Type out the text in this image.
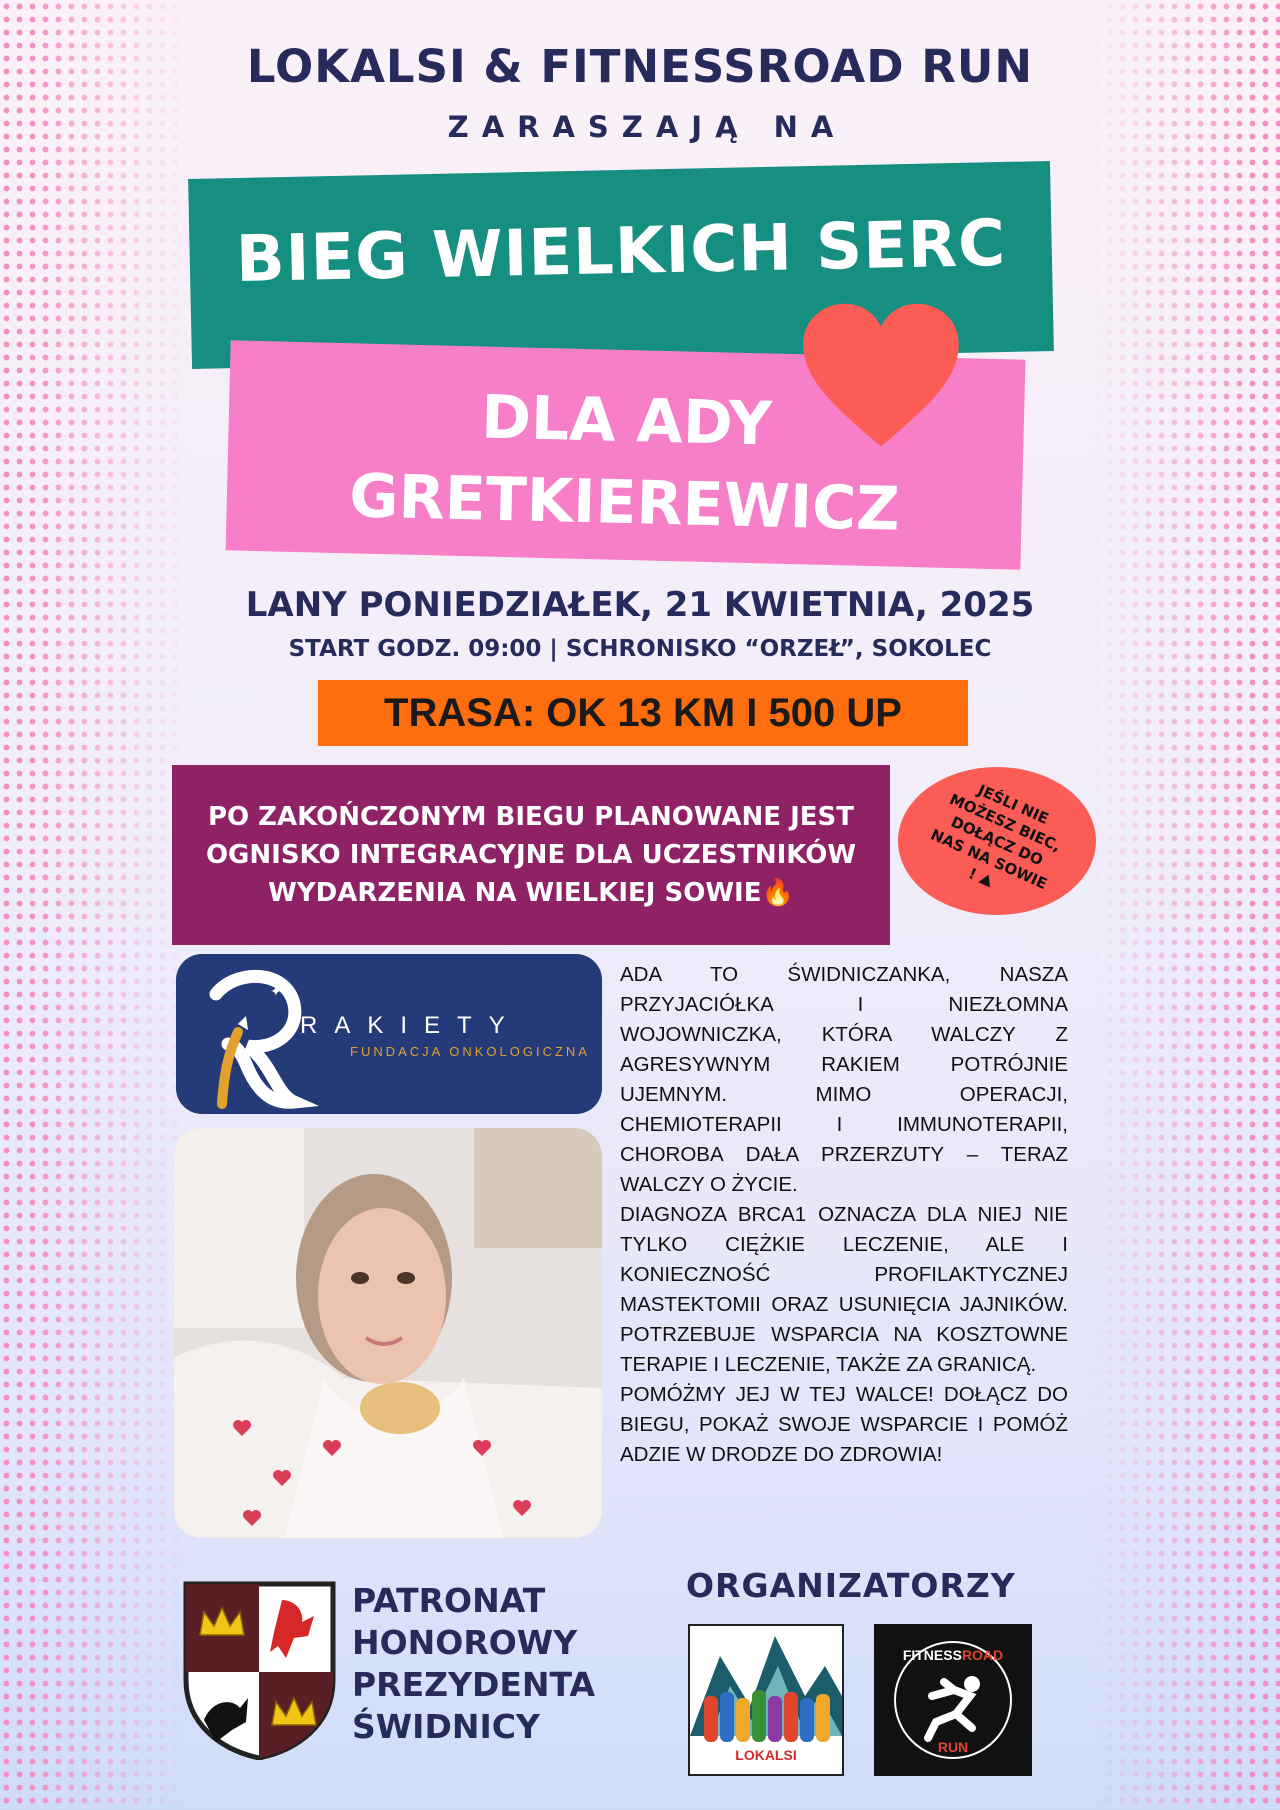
LOKALSI & FITNESSROAD RUN
ZARASZAJĄ NA
BIEG WIELKICH SERC
DLA ADY
GRETKIEREWICZ
LANY PONIEDZIAŁEK, 21 KWIETNIA, 2025
START GODZ. 09:00 | SCHRONISKO “ORZEŁ”, SOKOLEC
TRASA: OK 13 KM I 500 UP
PO ZAKOŃCZONYM BIEGU PLANOWANE JEST OGNISKO INTEGRACYJNE DLA UCZESTNIKÓW WYDARZENIA NA WIELKIEJ SOWIE🔥
JEŚLI NIE MOŻESZ BIEC, DOŁĄCZ DO NAS NA SOWIE ! ⛰
✦
RAKIETY
FUNDACJA ONKOLOGICZNA

ADA TO ŚWIDNICZANKA, NASZA PRZYJACIÓŁKA I NIEZŁOMNA WOJOWNICZKA, KTÓRA WALCZY Z AGRESYWNYM RAKIEM POTRÓJNIE UJEMNYM. MIMO OPERACJI, CHEMIOTERAPII I IMMUNOTERAPII, CHOROBA DAŁA PRZERZUTY – TERAZ WALCZY O ŻYCIE.

DIAGNOZA BRCA1 OZNACZA DLA NIEJ NIE TYLKO CIĘŻKIE LECZENIE, ALE I KONIECZNOŚĆ PROFILAKTYCZNEJ MASTEKTOMII ORAZ USUNIĘCIA JAJNIKÓW. POTRZEBUJE WSPARCIA NA KOSZTOWNE TERAPIE I LECZENIE, TAKŻE ZA GRANICĄ.

POMÓŻMY JEJ W TEJ WALCE! DOŁĄCZ DO BIEGU, POKAŻ SWOJE WSPARCIE I POMÓŻ ADZIE W DRODZE DO ZDROWIA!

PATRONAT
HONOROWY
PREZYDENTA
ŚWIDNICY
ORGANIZATORZY
LOKALSI
FITNESSROAD
RUN
